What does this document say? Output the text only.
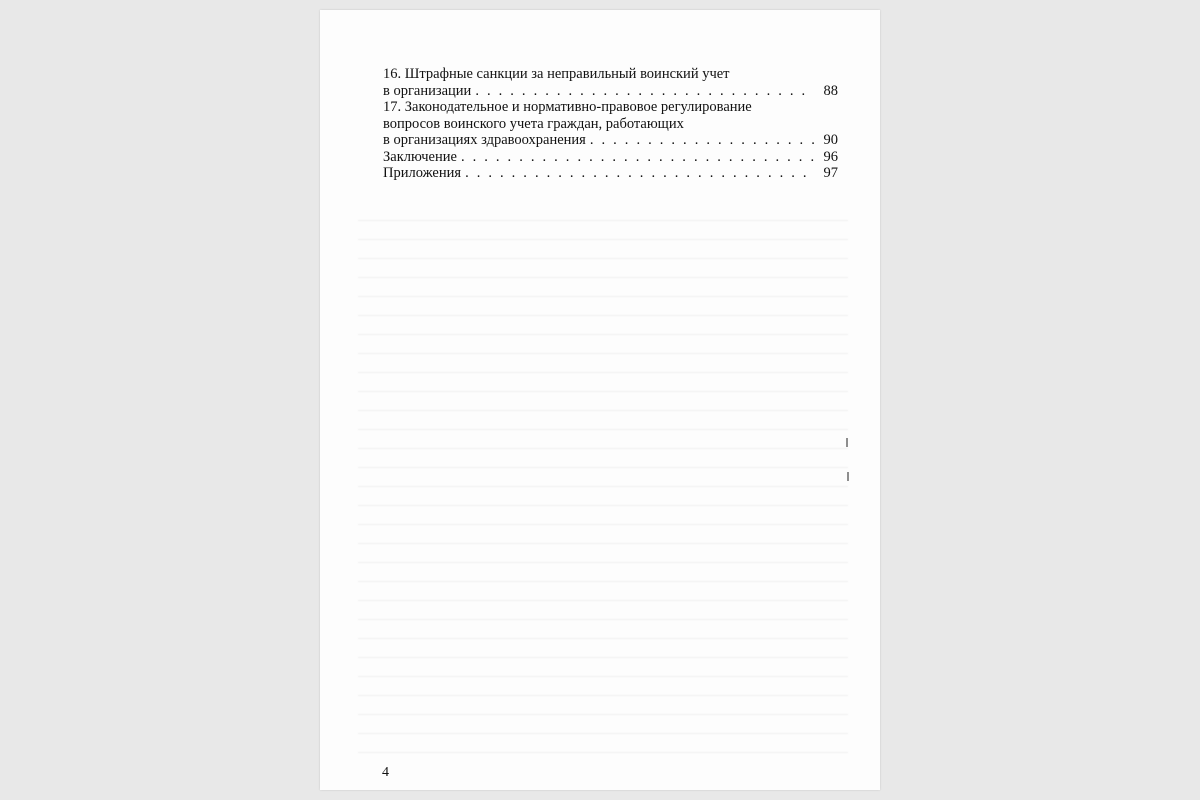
16. Штрафные санкции за неправильный воинский учет
в организации . . .	88
17. Законодательное и нормативно-правовое регулирование
вопросов воинского учета граждан, работающих
в организациях здравоохранения . . .	90
Заключение . . .	96
Приложения . . .	97
4
